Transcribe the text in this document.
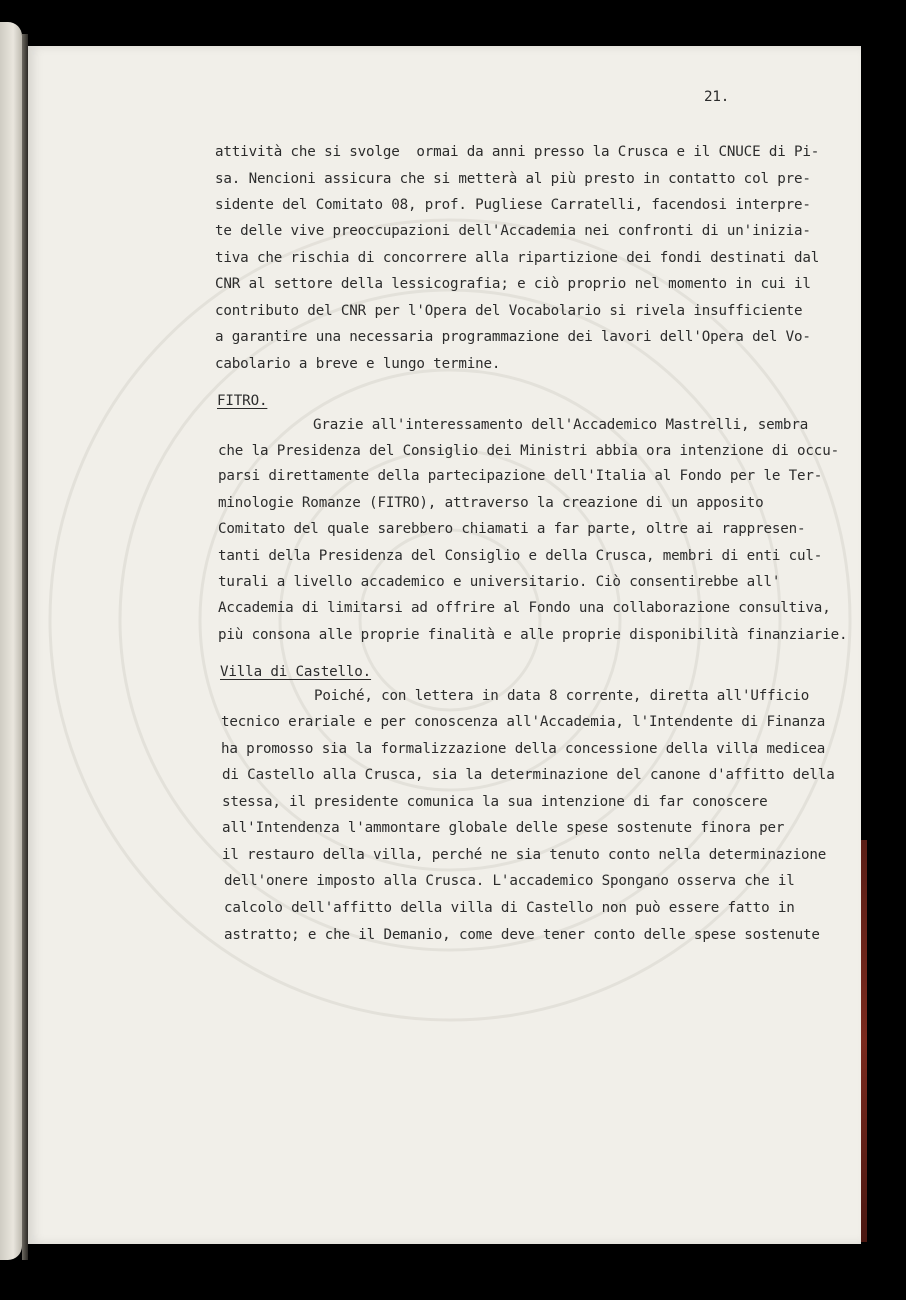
21.
attività che si svolge  ormai da anni presso la Crusca e il CNUCE di Pi-
sa. Nencioni assicura che si metterà al più presto in contatto col pre-
sidente del Comitato 08, prof. Pugliese Carratelli, facendosi interpre-
te delle vive preoccupazioni dell'Accademia nei confronti di un'inizia-
tiva che rischia di concorrere alla ripartizione dei fondi destinati dal
CNR al settore della lessicografia; e ciò proprio nel momento in cui il
contributo del CNR per l'Opera del Vocabolario si rivela insufficiente
a garantire una necessaria programmazione dei lavori dell'Opera del Vo-
cabolario a breve e lungo termine.
FITRO.
Grazie all'interessamento dell'Accademico Mastrelli, sembra
che la Presidenza del Consiglio dei Ministri abbia ora intenzione di occu-
parsi direttamente della partecipazione dell'Italia al Fondo per le Ter-
minologie Romanze (FITRO), attraverso la creazione di un apposito
Comitato del quale sarebbero chiamati a far parte, oltre ai rappresen-
tanti della Presidenza del Consiglio e della Crusca, membri di enti cul-
turali a livello accademico e universitario. Ciò consentirebbe all'
Accademia di limitarsi ad offrire al Fondo una collaborazione consultiva,
più consona alle proprie finalità e alle proprie disponibilità finanziarie.
Villa di Castello.
Poiché, con lettera in data 8 corrente, diretta all'Ufficio
tecnico erariale e per conoscenza all'Accademia, l'Intendente di Finanza
ha promosso sia la formalizzazione della concessione della villa medicea
di Castello alla Crusca, sia la determinazione del canone d'affitto della
stessa, il presidente comunica la sua intenzione di far conoscere
all'Intendenza l'ammontare globale delle spese sostenute finora per
il restauro della villa, perché ne sia tenuto conto nella determinazione
dell'onere imposto alla Crusca. L'accademico Spongano osserva che il
calcolo dell'affitto della villa di Castello non può essere fatto in
astratto; e che il Demanio, come deve tener conto delle spese sostenute
